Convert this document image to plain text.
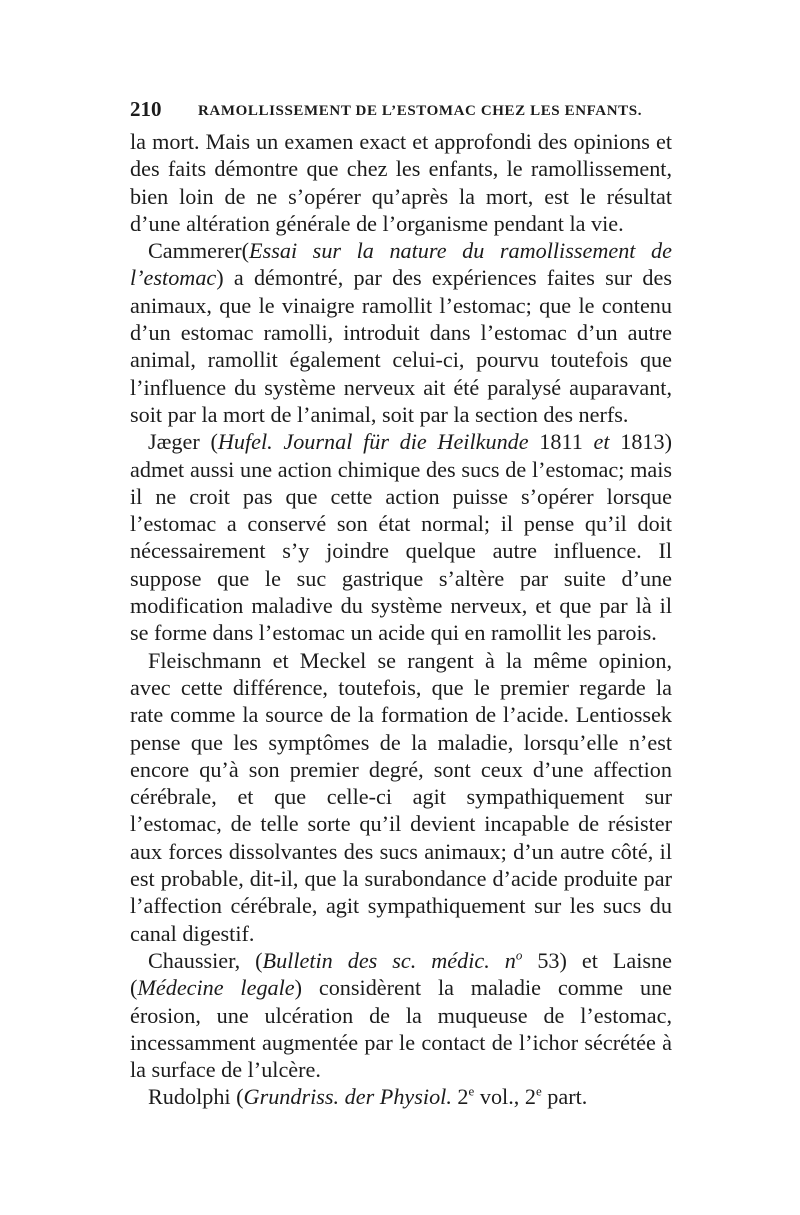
210 RAMOLLISSEMENT DE L’ESTOMAC CHEZ LES ENFANTS.

la mort. Mais un examen exact et approfondi des opinions et des faits démontre que chez les enfants, le ramollissement, bien loin de ne s’opérer qu’après la mort, est le résultat d’une altération générale de l’organisme pendant la vie.

Cammerer(Essai sur la nature du ramollissement de l’estomac) a démontré, par des expériences faites sur des animaux, que le vinaigre ramollit l’estomac; que le contenu d’un estomac ramolli, introduit dans l’estomac d’un autre animal, ramollit également celui-ci, pourvu toutefois que l’influence du système nerveux ait été paralysé auparavant, soit par la mort de l’animal, soit par la section des nerfs.

Jæger (Hufel. Journal für die Heilkunde 1811 et 1813) admet aussi une action chimique des sucs de l’estomac; mais il ne croit pas que cette action puisse s’opérer lorsque l’estomac a conservé son état normal; il pense qu’il doit nécessairement s’y joindre quelque autre influence. Il suppose que le suc gastrique s’altère par suite d’une modification maladive du système nerveux, et que par là il se forme dans l’estomac un acide qui en ramollit les parois.

Fleischmann et Meckel se rangent à la même opinion, avec cette différence, toutefois, que le premier regarde la rate comme la source de la formation de l’acide. Lentiossek pense que les symptômes de la maladie, lorsqu’elle n’est encore qu’à son premier degré, sont ceux d’une affection cérébrale, et que celle-ci agit sympathiquement sur l’estomac, de telle sorte qu’il devient incapable de résister aux forces dissolvantes des sucs animaux; d’un autre côté, il est probable, dit-il, que la surabondance d’acide produite par l’affection cérébrale, agit sympathiquement sur les sucs du canal digestif.

Chaussier, (Bulletin des sc. médic. $n^o$ 53) et Laisne (Médecine legale) considèrent la maladie comme une érosion, une ulcération de la muqueuse de l’estomac, incessamment augmentée par le contact de l’ichor sécrétée à la surface de l’ulcère.

Rudolphi (Grundriss. der Physiol. 2e vol., 2e part.
